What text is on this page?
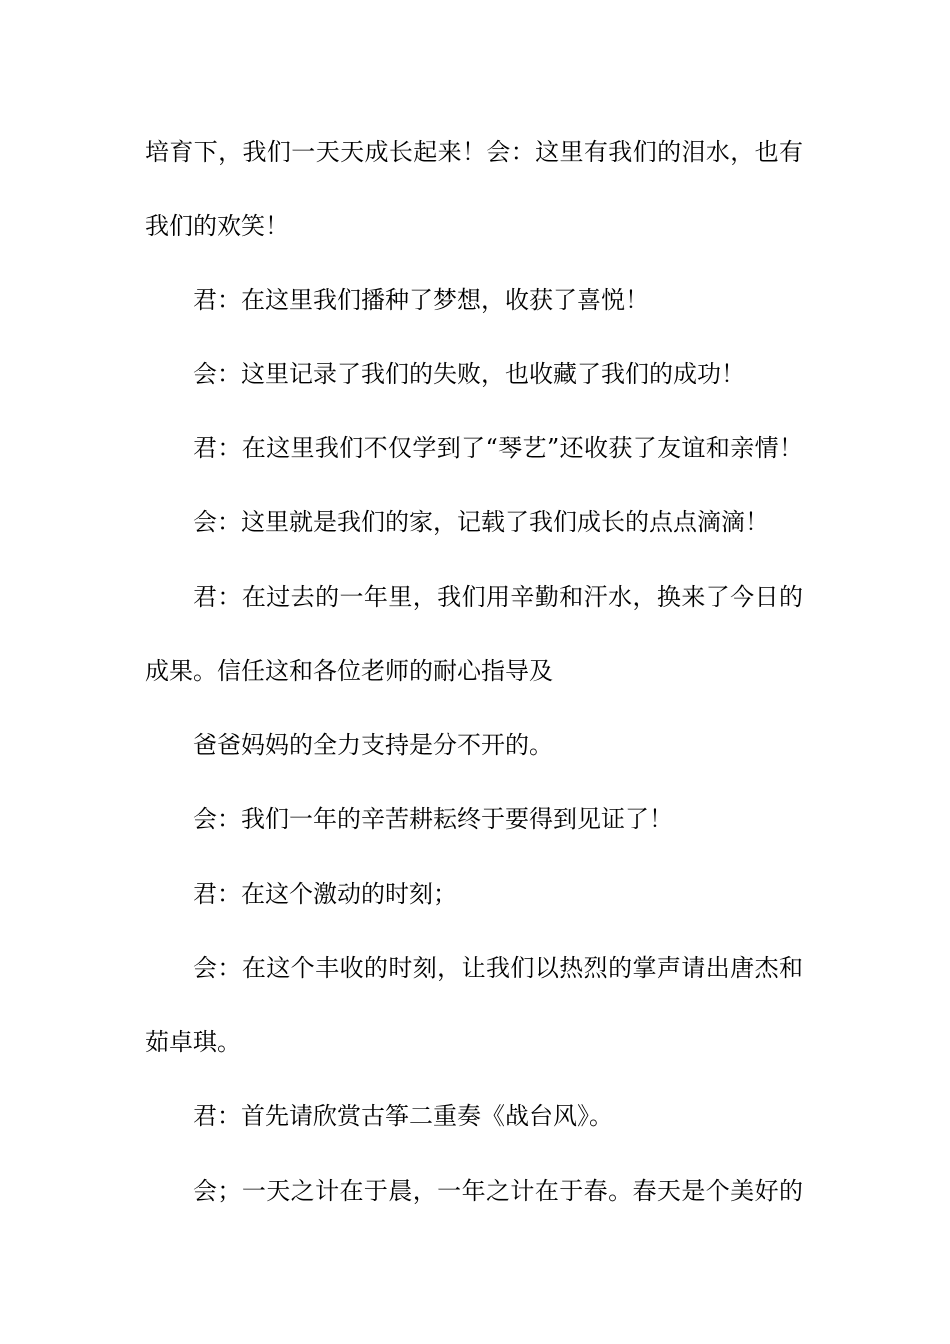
培育下，我们一天天成长起来！会：这里有我们的泪水，也有
我们的欢笑！
君：在这里我们播种了梦想，收获了喜悦！
会：这里记录了我们的失败，也收藏了我们的成功！
君：在这里我们不仅学到了“琴艺”还收获了友谊和亲情！
会：这里就是我们的家，记载了我们成长的点点滴滴！
君：在过去的一年里，我们用辛勤和汗水，换来了今日的
成果。信任这和各位老师的耐心指导及
爸爸妈妈的全力支持是分不开的。
会：我们一年的辛苦耕耘终于要得到见证了！
君：在这个激动的时刻；
会：在这个丰收的时刻，让我们以热烈的掌声请出唐杰和
茹卓琪。
君：首先请欣赏古筝二重奏《战台风》。
会；一天之计在于晨，一年之计在于春。春天是个美好的
